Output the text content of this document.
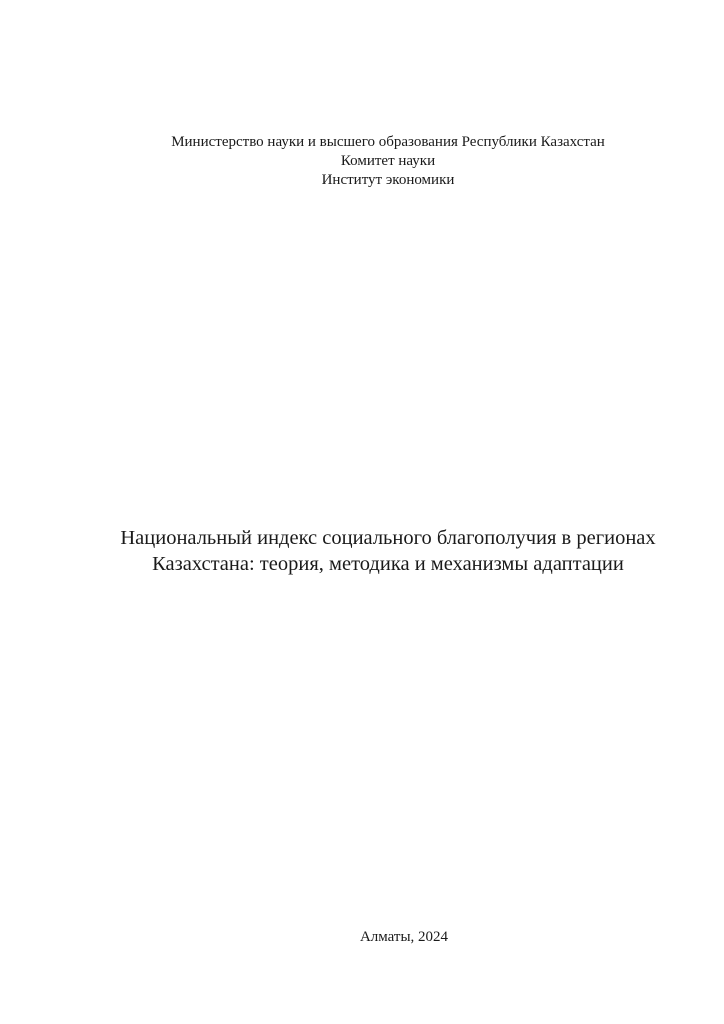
Министерство науки и высшего образования Республики Казахстан
Комитет науки
Институт экономики
Национальный индекс социального благополучия в регионах
Казахстана: теория, методика и механизмы адаптации
Алматы, 2024
